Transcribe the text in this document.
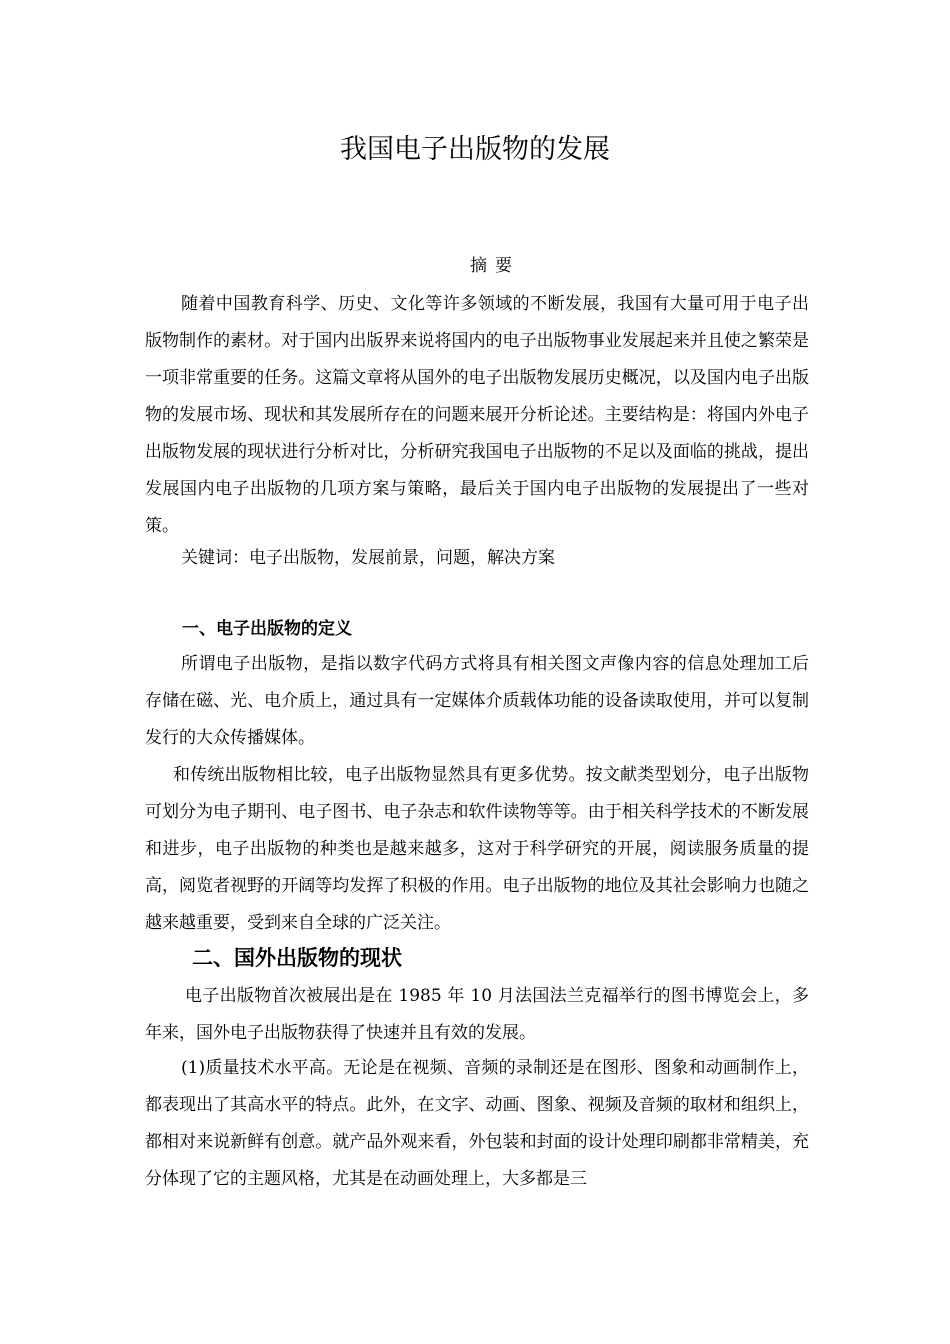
我国电子出版物的发展
摘要

随着中国教育科学、历史、文化等许多领域的不断发展，我国有大量可用于电子出版物制作的素材。对于国内出版界来说将国内的电子出版物事业发展起来并且使之繁荣是一项非常重要的任务。这篇文章将从国外的电子出版物发展历史概况，以及国内电子出版物的发展市场、现状和其发展所存在的问题来展开分析论述。主要结构是：将国内外电子出版物发展的现状进行分析对比，分析研究我国电子出版物的不足以及面临的挑战，提出发展国内电子出版物的几项方案与策略，最后关于国内电子出版物的发展提出了一些对策。

关键词：电子出版物，发展前景，问题，解决方案

一、电子出版物的定义

所谓电子出版物，是指以数字代码方式将具有相关图文声像内容的信息处理加工后存储在磁、光、电介质上，通过具有一定媒体介质载体功能的设备读取使用，并可以复制发行的大众传播媒体。

和传统出版物相比较，电子出版物显然具有更多优势。按文献类型划分，电子出版物可划分为电子期刊、电子图书、电子杂志和软件读物等等。由于相关科学技术的不断发展和进步，电子出版物的种类也是越来越多，这对于科学研究的开展，阅读服务质量的提高，阅览者视野的开阔等均发挥了积极的作用。电子出版物的地位及其社会影响力也随之越来越重要，受到来自全球的广泛关注。

二、国外出版物的现状

电子出版物首次被展出是在 1985 年 10 月法国法兰克福举行的图书博览会上，多年来，国外电子出版物获得了快速并且有效的发展。

(1)质量技术水平高。无论是在视频、音频的录制还是在图形、图象和动画制作上，都表现出了其高水平的特点。此外，在文字、动画、图象、视频及音频的取材和组织上，都相对来说新鲜有创意。就产品外观来看，外包装和封面的设计处理印刷都非常精美，充分体现了它的主题风格，尤其是在动画处理上，大多都是三
